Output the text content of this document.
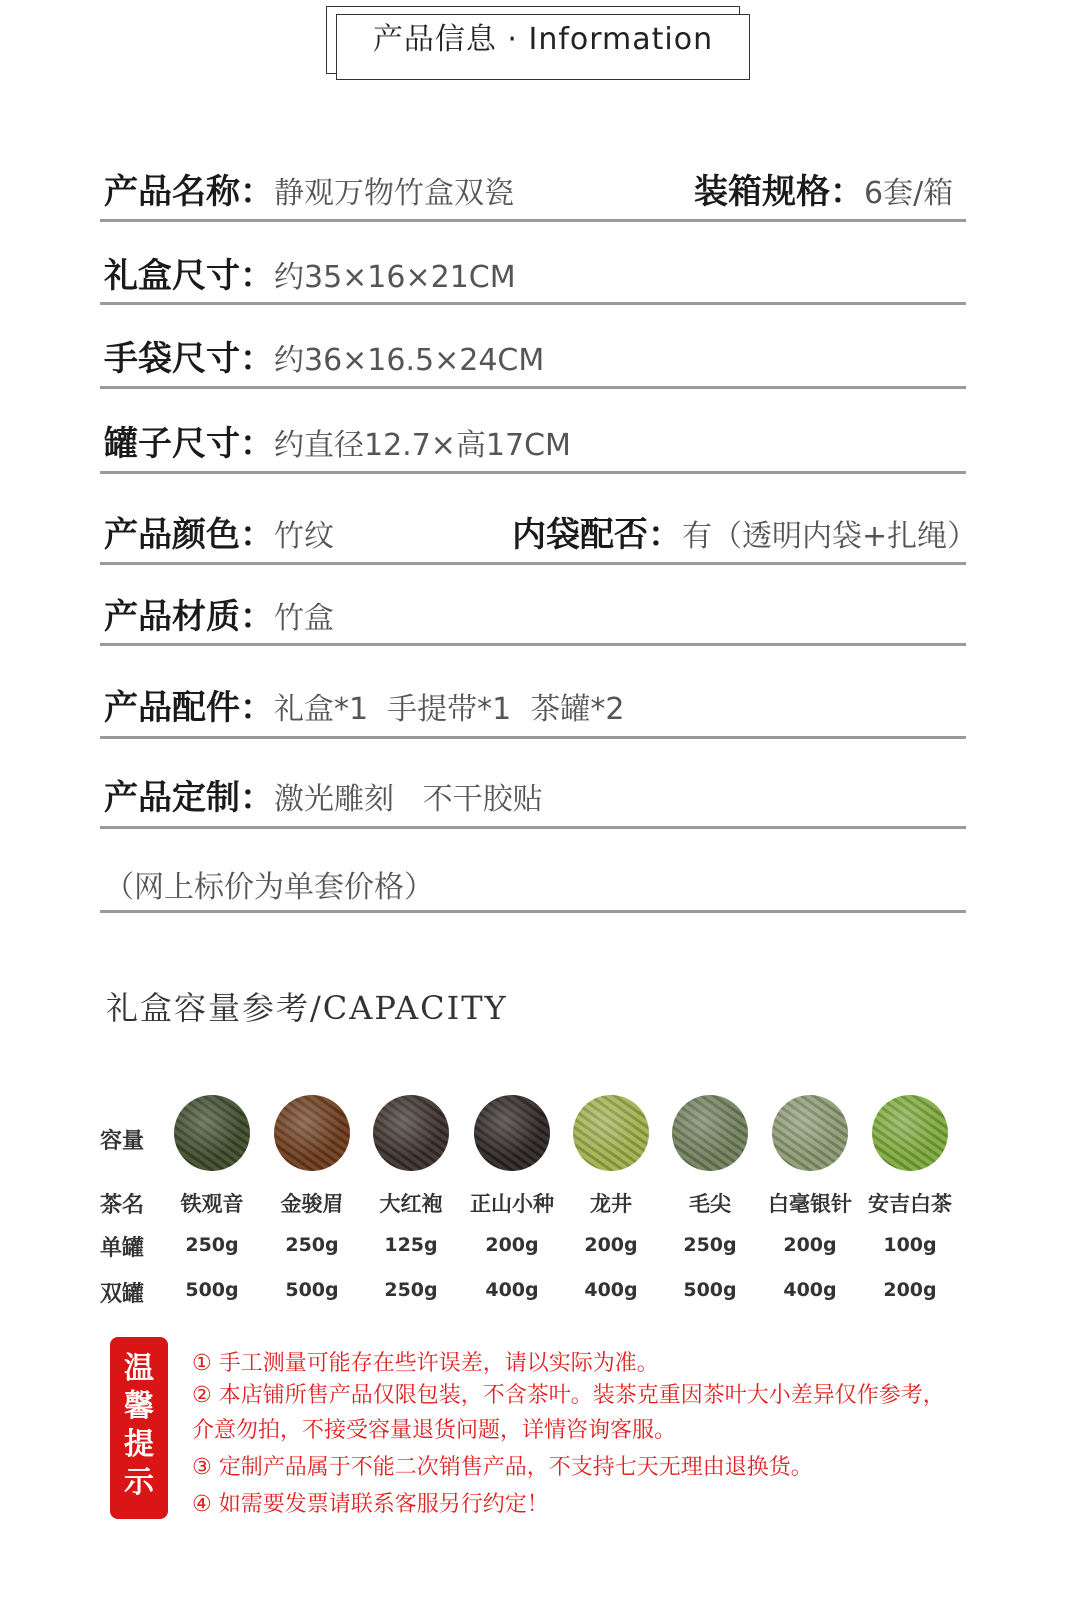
产品信息 · Information
产品名称：静观万物竹盒双瓷	装箱规格：6套/箱
礼盒尺寸：约35×16×21CM
手袋尺寸：约36×16.5×24CM
罐子尺寸：约直径12.7×高17CM
产品颜色：竹纹	内袋配否：有（透明内袋+扎绳）
产品材质：竹盒
产品配件：礼盒*1  手提带*1  茶罐*2
产品定制：激光雕刻   不干胶贴
（网上标价为单套价格）
礼盒容量参考/CAPACITY
容量
茶名
单罐
双罐
铁观音
250g
500g
金骏眉
250g
500g
大红袍
125g
250g
正山小种
200g
400g
龙井
200g
400g
毛尖
250g
500g
白毫银针
200g
400g
安吉白茶
100g
200g
温
馨
提
示
① 手工测量可能存在些许误差，请以实际为准。
② 本店铺所售产品仅限包装，不含茶叶。装茶克重因茶叶大小差异仅作参考，
介意勿拍，不接受容量退货问题，详情咨询客服。
③ 定制产品属于不能二次销售产品，不支持七天无理由退换货。
④ 如需要发票请联系客服另行约定！
